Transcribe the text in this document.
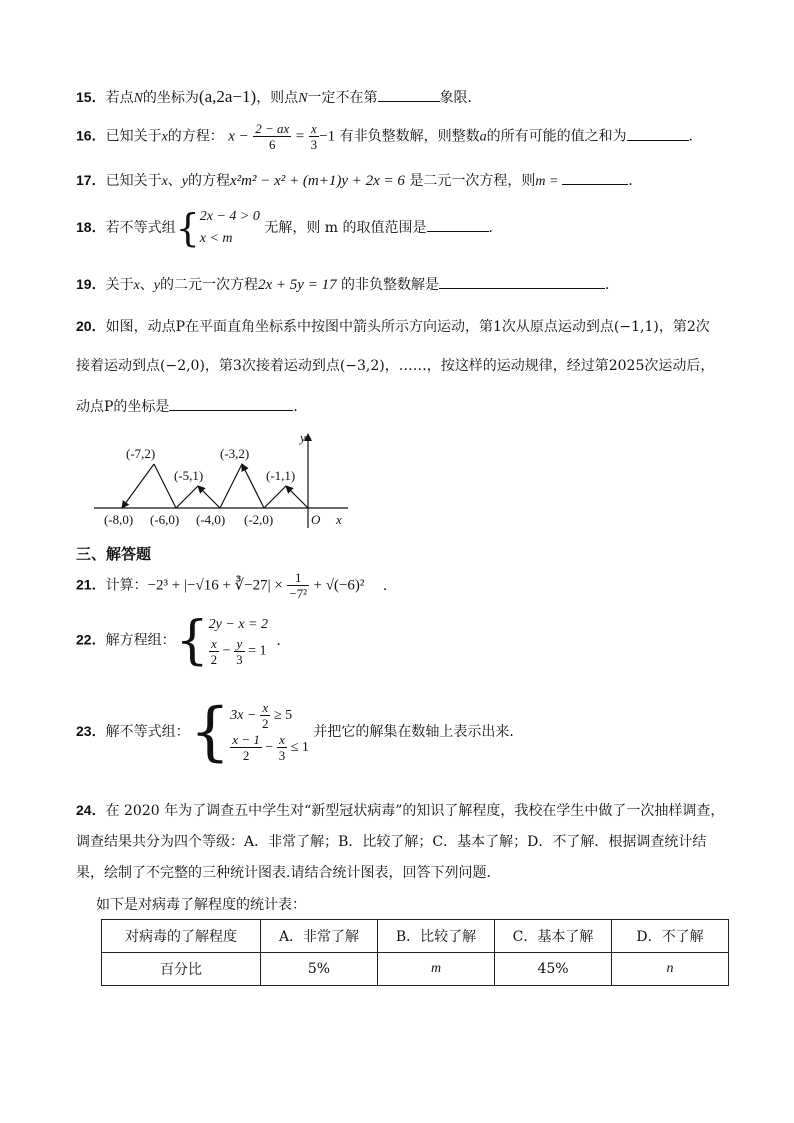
15．若点N的坐标为(a,2a−1)，则点N一定不在第	象限．
16．已知关于x的方程： $x - \frac{2 - ax}{6} = \frac{x}{3} -1$ 有非负整数解，则整数a的所有可能的值之和为	．
17．已知关于x、y的方程x²m² − x² + (m+1)y + 2x = 6 是二元一次方程，则m =	．
18．若不等式组{ 2x − 4 > 0
x < m
无解，则 m 的取值范围是	．
19．关于x、y的二元一次方程2x + 5y = 17 的非负整数解是	．
20．如图，动点P在平面直角坐标系中按图中箭头所示方向运动，第1次从原点运动到点(−1,1)，第2次
接着运动到点(−2,0)，第3次接着运动到点(−3,2)，……，按这样的运动规律，经过第2025次运动后，
动点P的坐标是	．
y
x
O
(-7,2)
(-5,1)
(-3,2)
(-1,1)
(-8,0) (-6,0) (-4,0) (-2,0)
三、解答题
21．计算：−2³ + |−√16 + ∛−27| × $\frac{1}{\text{−7²}} + √(-6)^2$ ．
22．解方程组：{ 2y − x = 2
$\frac{x}{2} - \frac{y}{3} = 1$
．
23．解不等式组：{ $3x - \frac{x}{2} \ge 5$
$\frac{x - 1}{2} - \frac{x}{3} \le 1$
并把它的解集在数轴上表示出来．
24．在 2020 年为了调查五中学生对“新型冠状病毒”的知识了解程度，我校在学生中做了一次抽样调查，
调查结果共分为四个等级：A．非常了解；B．比较了解；C．基本了解；D．不了解．根据调查统计结
果，绘制了不完整的三种统计图表.请结合统计图表，回答下列问题．
如下是对病毒了解程度的统计表：
对病毒的了解程度	A．非常了解	B．比较了解	C．基本了解	D．不了解
百分比	5%	m	45%	n
